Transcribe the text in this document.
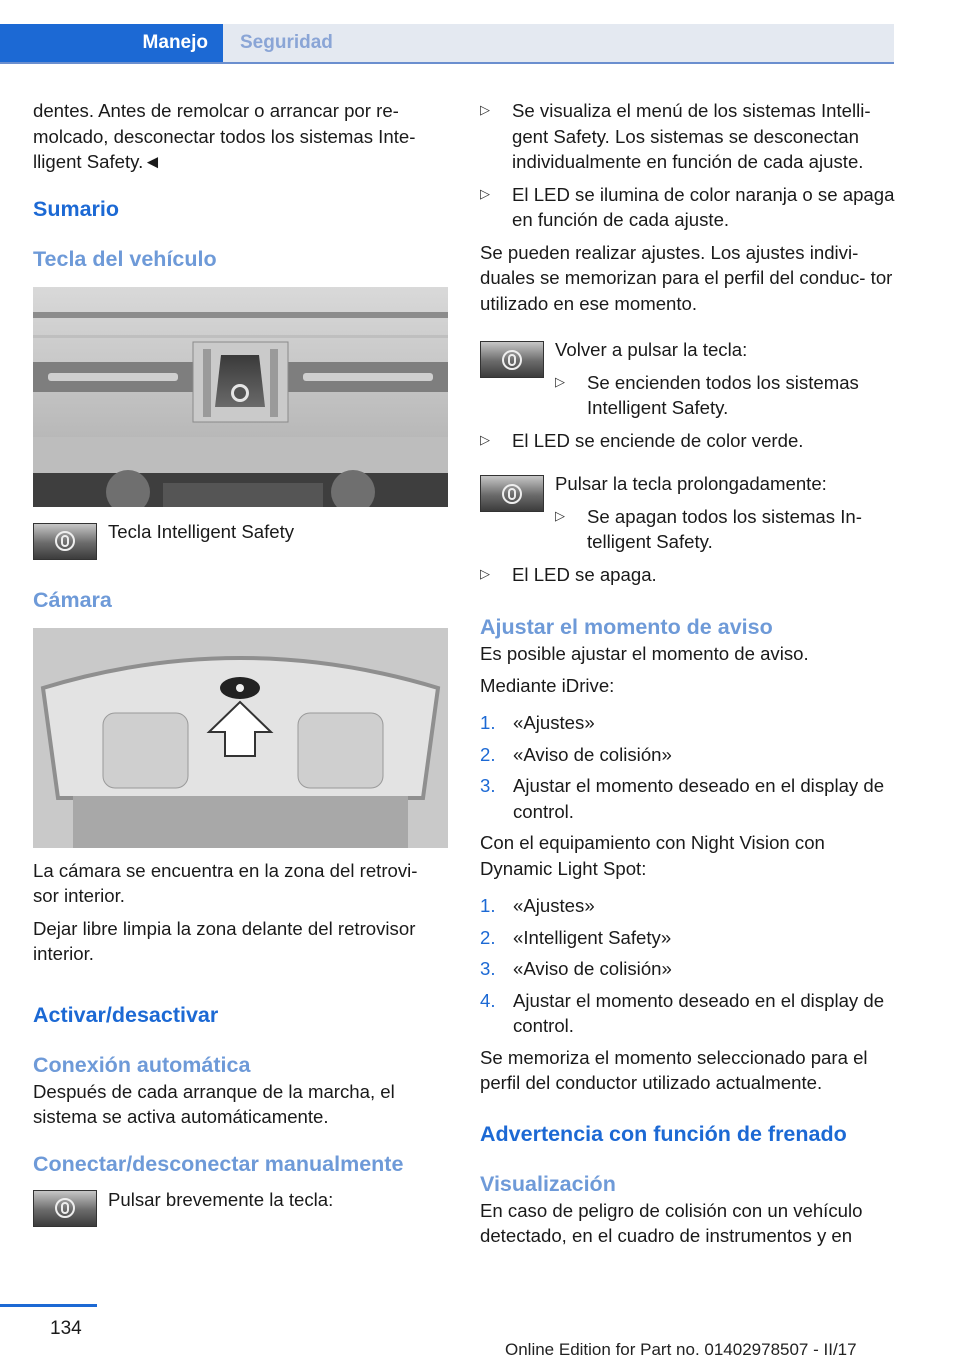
Manejo Seguridad

dentes. Antes de remolcar o arrancar por re‐ molcado, desconectar todos los sistemas Inte‐ lligent Safety.◄

Sumario
Tecla del vehículo

Tecla Intelligent Safety

Cámara

La cámara se encuentra en la zona del retrovi‐ sor interior.

Dejar libre limpia la zona delante del retrovisor interior.

Activar/desactivar
Conexión automática

Después de cada arranque de la marcha, el sistema se activa automáticamente.

Conectar/desconectar manualmente

Pulsar brevemente la tecla:

▷	Se visualiza el menú de los sistemas Intelli‐ gent Safety. Los sistemas se desconectan individualmente en función de cada ajuste.

▷	El LED se ilumina de color naranja o se apaga en función de cada ajuste.

Se pueden realizar ajustes. Los ajustes indivi‐ duales se memorizan para el perfil del conduc‐ tor utilizado en ese momento.

Volver a pulsar la tecla:

▷	Se encienden todos los sistemas Intelligent Safety.

▷	El LED se enciende de color verde.

Pulsar la tecla prolongadamente:

▷	Se apagan todos los sistemas In‐ telligent Safety.

▷	El LED se apaga.

Ajustar el momento de aviso

Es posible ajustar el momento de aviso.

Mediante iDrive:

1. «Ajustes»

2. «Aviso de colisión»

3. Ajustar el momento deseado en el display de control.

Con el equipamiento con Night Vision con Dynamic Light Spot:

1. «Ajustes»

2. «Intelligent Safety»

3. «Aviso de colisión»

4. Ajustar el momento deseado en el display de control.

Se memoriza el momento seleccionado para el perfil del conductor utilizado actualmente.

Advertencia con función de frenado
Visualización

En caso de peligro de colisión con un vehículo detectado, en el cuadro de instrumentos y en

134
Online Edition for Part no. 01402978507 - II/17
